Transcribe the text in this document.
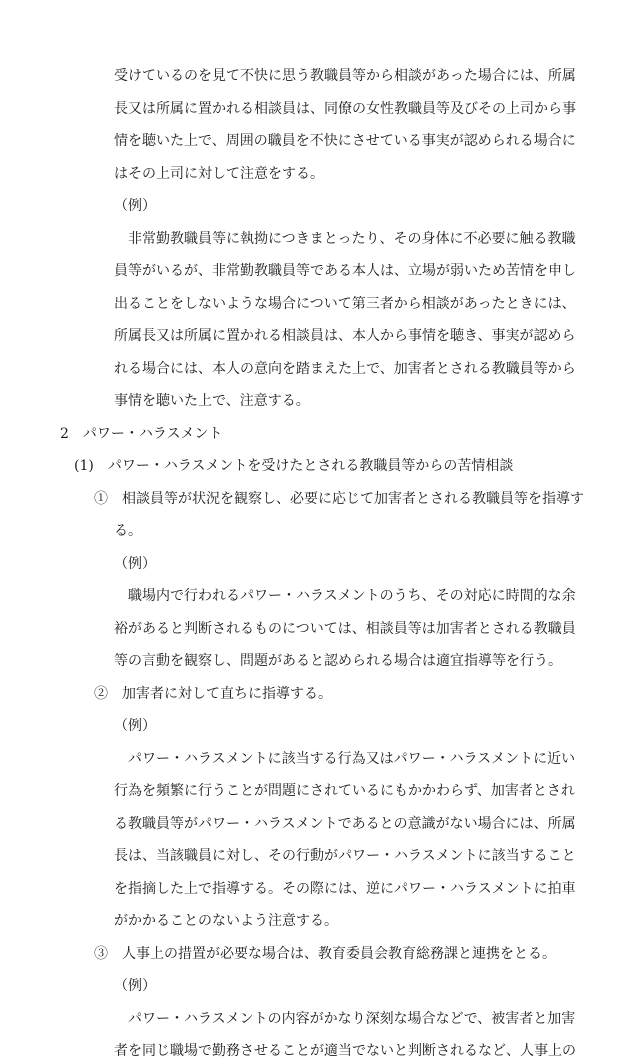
受けているのを見て不快に思う教職員等から相談があった場合には、所属
長又は所属に置かれる相談員は、同僚の女性教職員等及びその上司から事
情を聴いた上で、周囲の職員を不快にさせている事実が認められる場合に
はその上司に対して注意をする。
（例）
非常勤教職員等に執拗につきまとったり、その身体に不必要に触る教職
員等がいるが、非常勤教職員等である本人は、立場が弱いため苦情を申し
出ることをしないような場合について第三者から相談があったときには、
所属長又は所属に置かれる相談員は、本人から事情を聴き、事実が認めら
れる場合には、本人の意向を踏まえた上で、加害者とされる教職員等から
事情を聴いた上で、注意する。
2　パワー・ハラスメント
(1)　パワー・ハラスメントを受けたとされる教職員等からの苦情相談
①　相談員等が状況を観察し、必要に応じて加害者とされる教職員等を指導す
る。
（例）
職場内で行われるパワー・ハラスメントのうち、その対応に時間的な余
裕があると判断されるものについては、相談員等は加害者とされる教職員
等の言動を観察し、問題があると認められる場合は適宜指導等を行う。
②　加害者に対して直ちに指導する。
（例）
パワー・ハラスメントに該当する行為又はパワー・ハラスメントに近い
行為を頻繁に行うことが問題にされているにもかかわらず、加害者とされ
る教職員等がパワー・ハラスメントであるとの意識がない場合には、所属
長は、当該職員に対し、その行動がパワー・ハラスメントに該当すること
を指摘した上で指導する。その際には、逆にパワー・ハラスメントに拍車
がかかることのないよう注意する。
③　人事上の措置が必要な場合は、教育委員会教育総務課と連携をとる。
（例）
パワー・ハラスメントの内容がかなり深刻な場合などで、被害者と加害
者を同じ職場で勤務させることが適当でないと判断されるなど、人事上の
